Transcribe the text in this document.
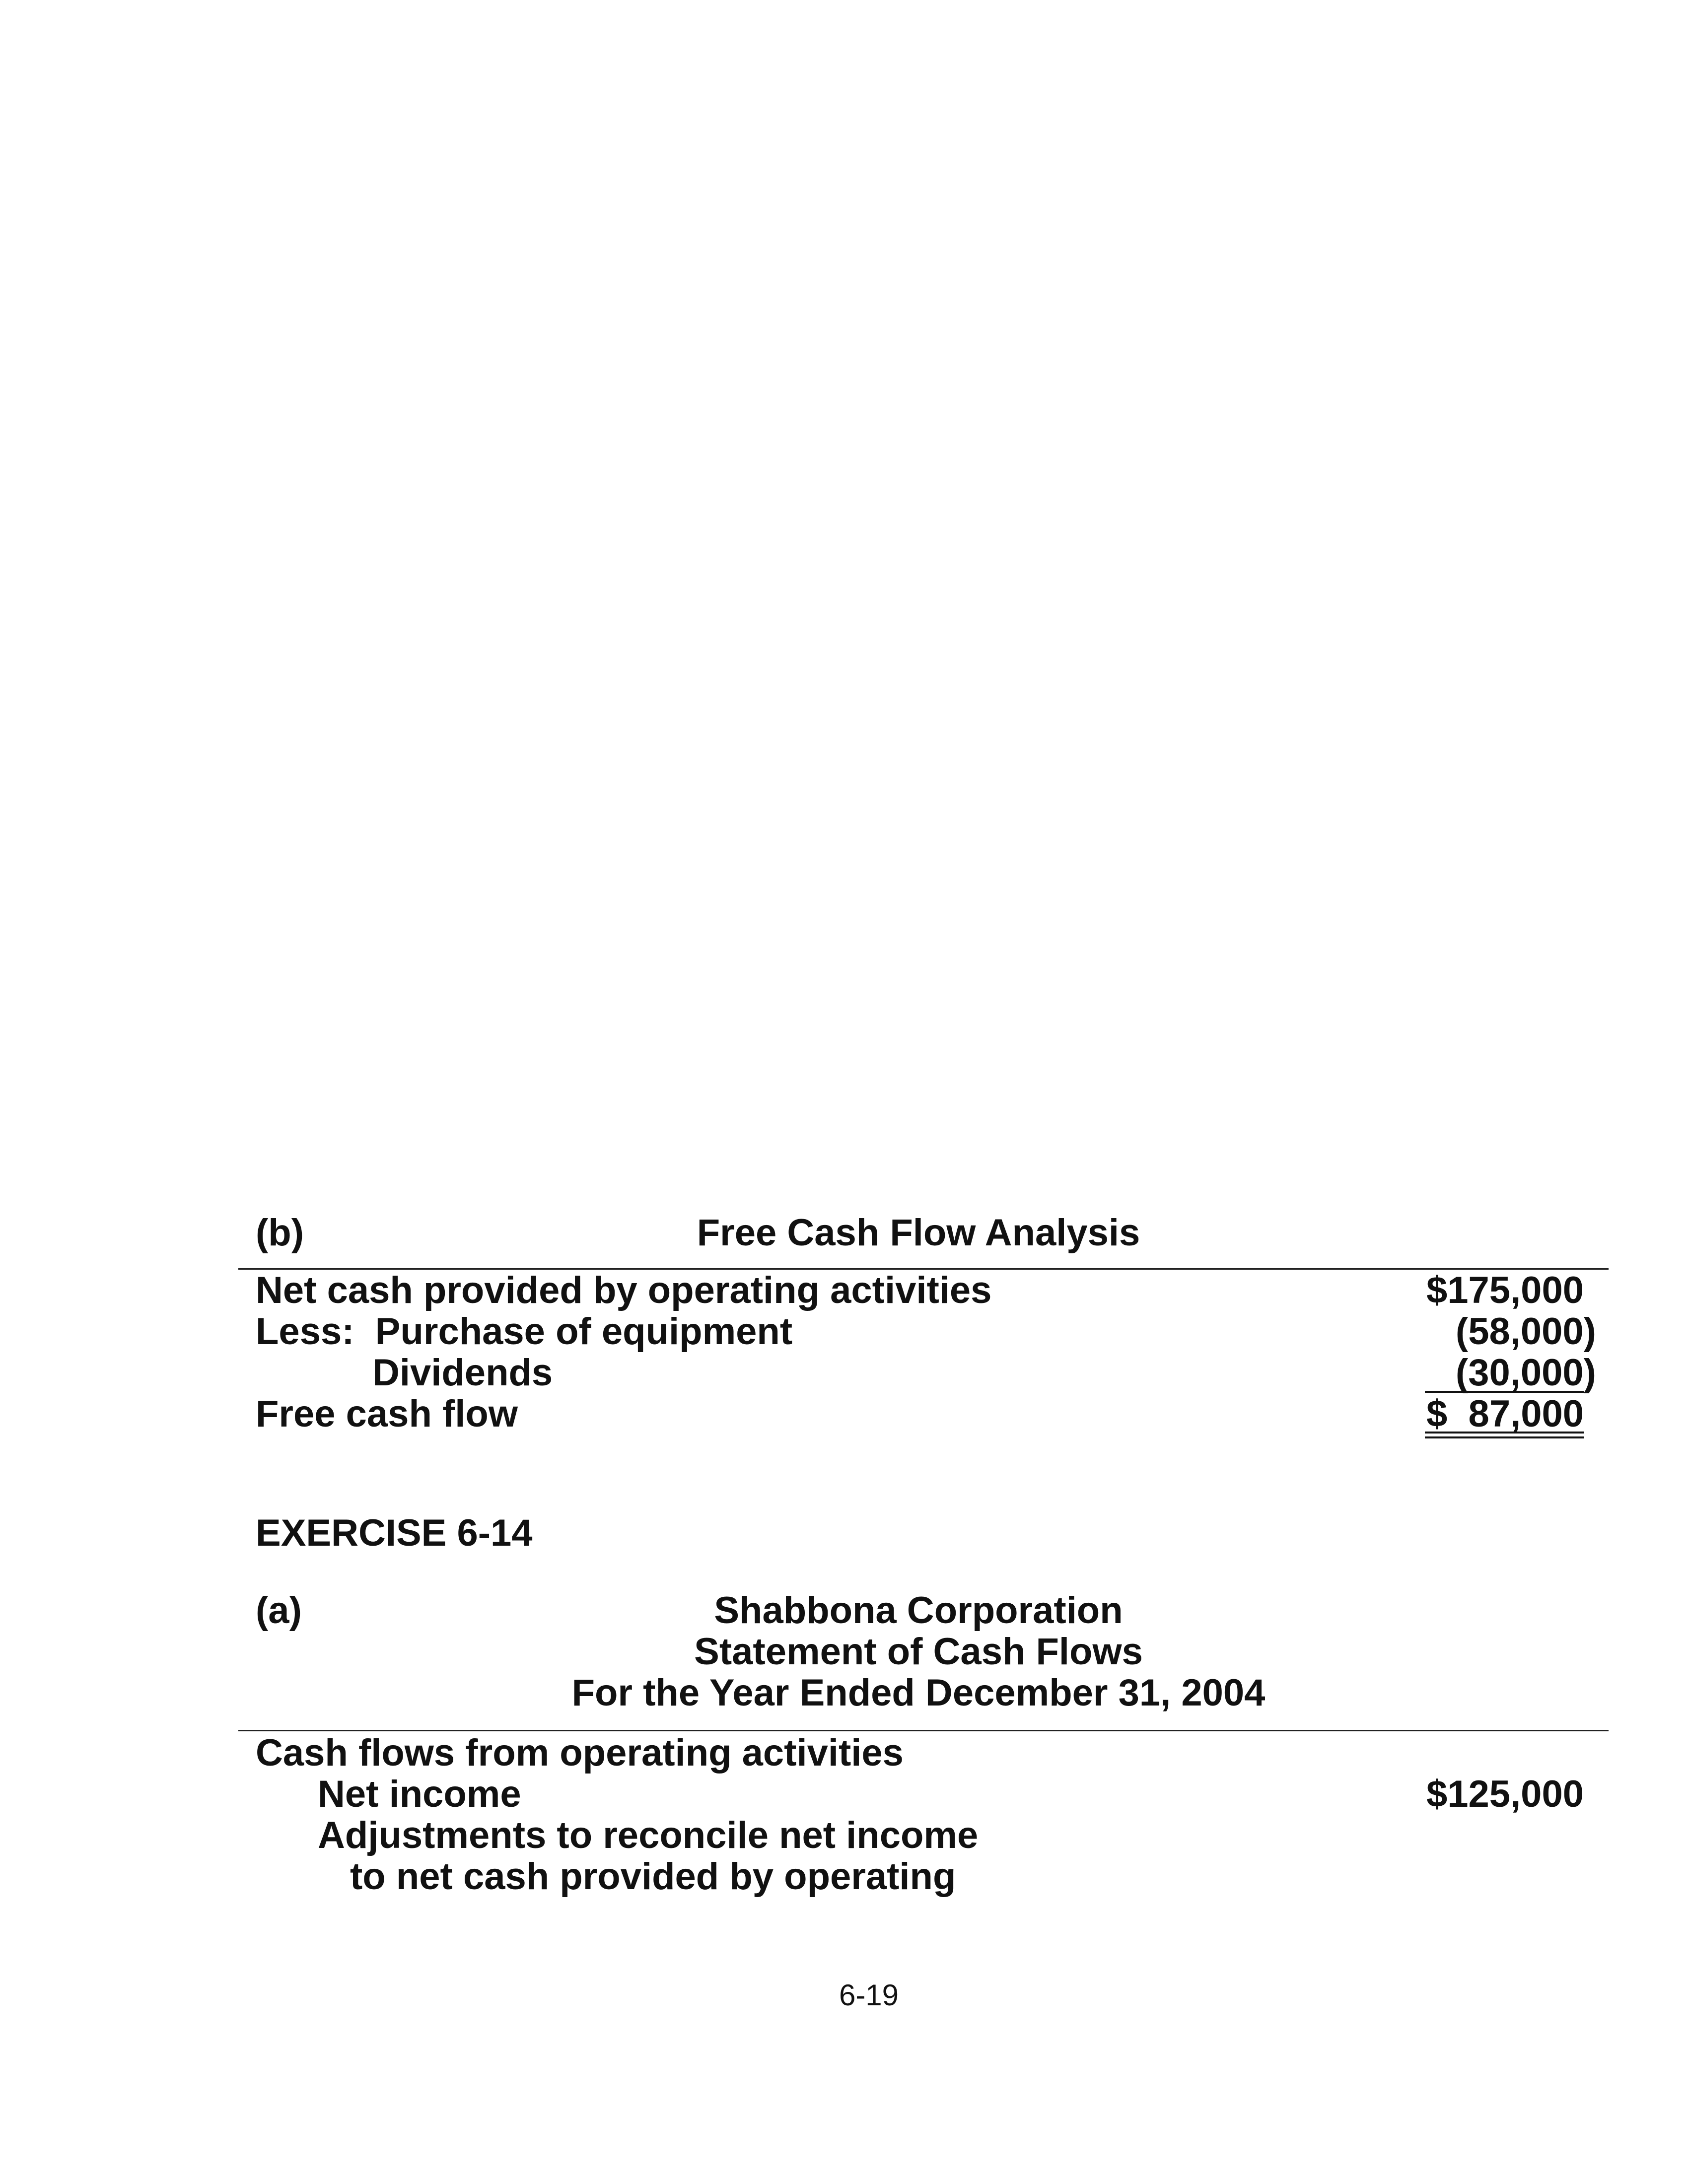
(b)	Free Cash Flow Analysis
Net cash provided by operating activities	$175,000
Less:  Purchase of equipment	(58,000)
Dividends	(30,000)
Free cash flow	$  87,000
EXERCISE 6-14
(a)	Shabbona Corporation
Statement of Cash Flows
For the Year Ended December 31, 2004
Cash flows from operating activities
Net income	$125,000
Adjustments to reconcile net income
to net cash provided by operating
6-19
